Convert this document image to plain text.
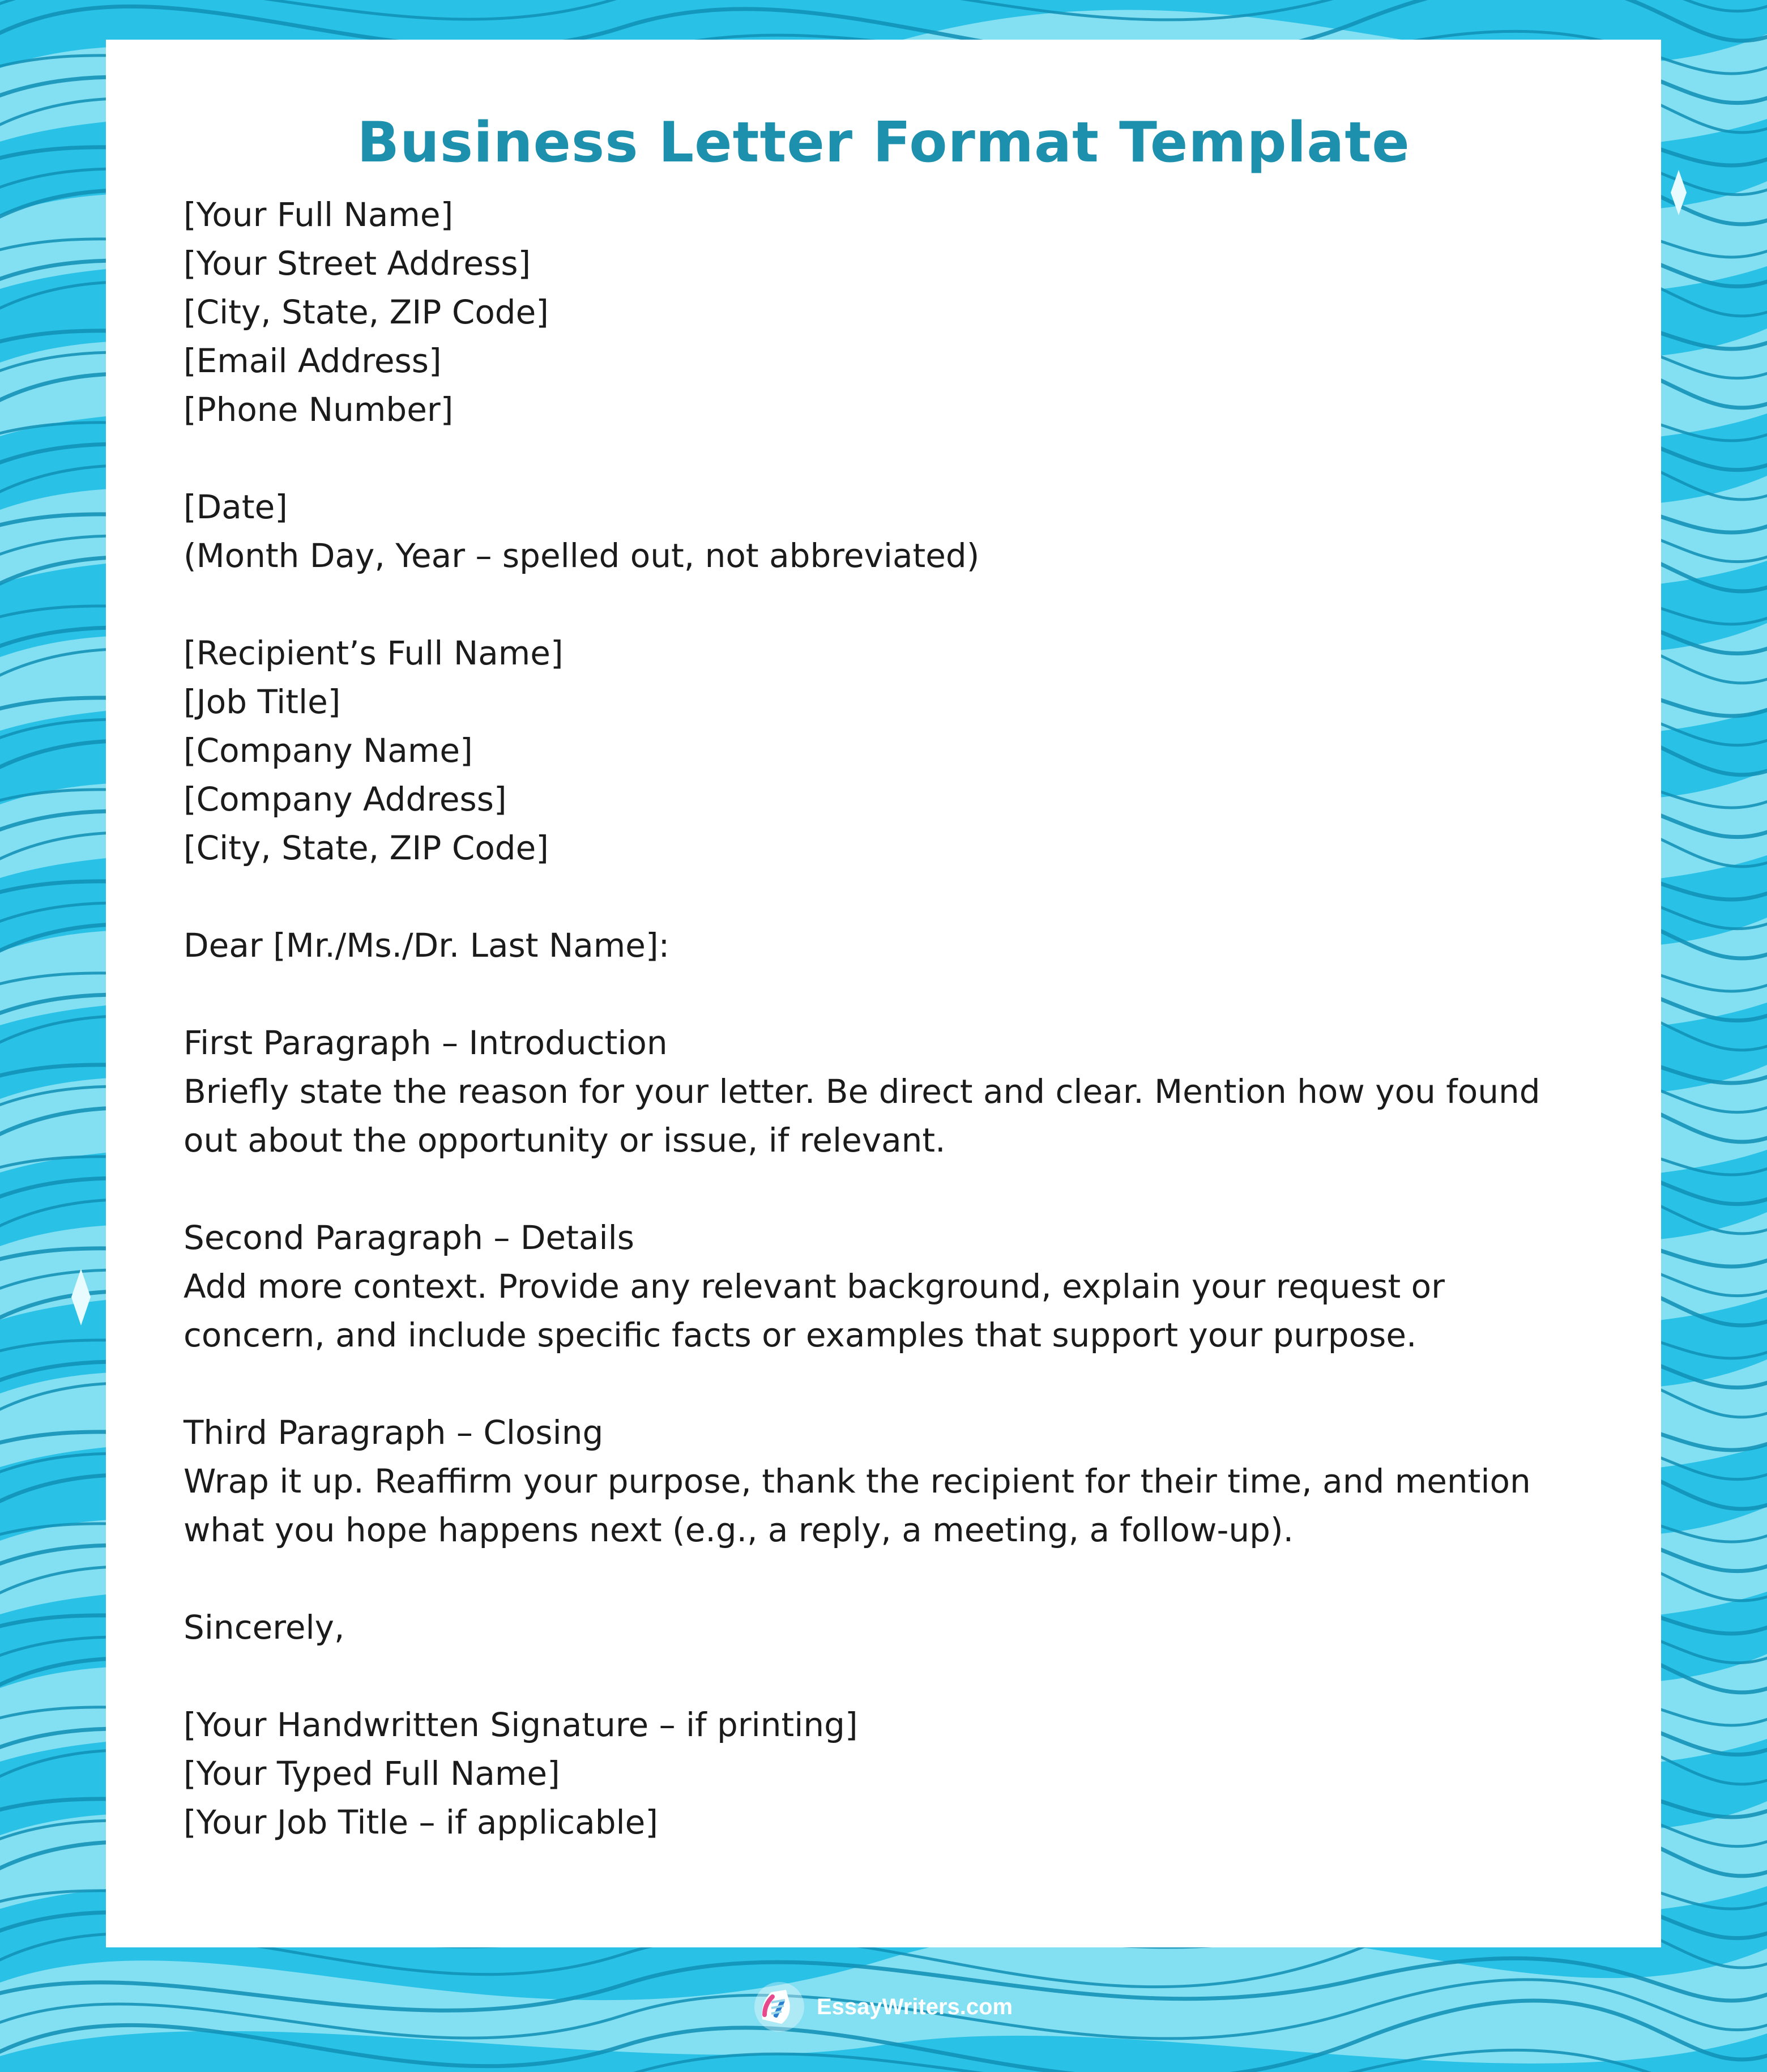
Business Letter Format Template
[Your Full Name]
[Your Street Address]
[City, State, ZIP Code]
[Email Address]
[Phone Number]
[Date]
(Month Day, Year – spelled out, not abbreviated)
[Recipient’s Full Name]
[Job Title]
[Company Name]
[Company Address]
[City, State, ZIP Code]
Dear [Mr./Ms./Dr. Last Name]:
First Paragraph – Introduction
Briefly state the reason for your letter. Be direct and clear. Mention how you found out about the opportunity or issue, if relevant.
Second Paragraph – Details
Add more context. Provide any relevant background, explain your request or concern, and include specific facts or examples that support your purpose.
Third Paragraph – Closing
Wrap it up. Reaffirm your purpose, thank the recipient for their time, and mention what you hope happens next (e.g., a reply, a meeting, a follow-up).
Sincerely,
[Your Handwritten Signature – if printing]
[Your Typed Full Name]
[Your Job Title – if applicable]
EssayWriters.com
